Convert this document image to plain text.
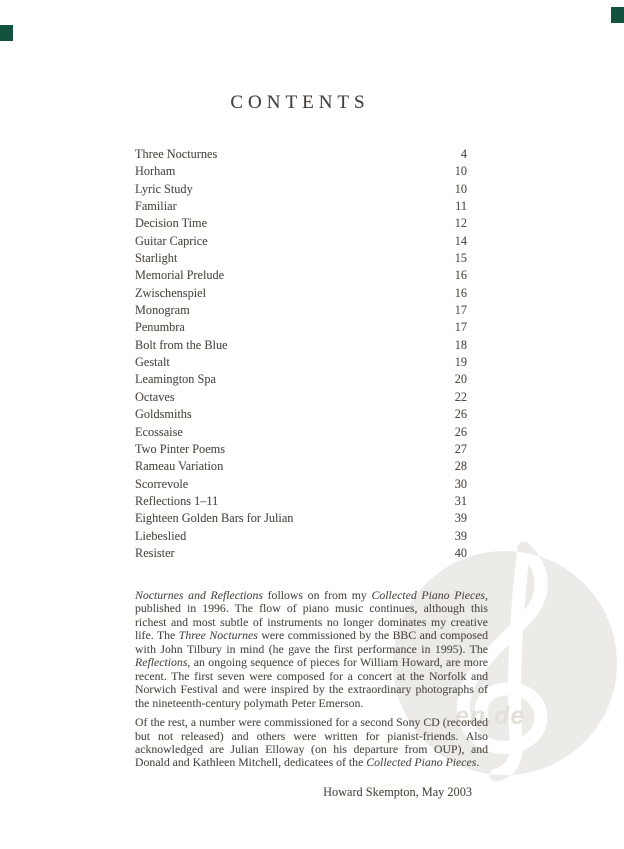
en.de
CONTENTS
Three Nocturnes	4
Horham	10
Lyric Study	10
Familiar	11
Decision Time	12
Guitar Caprice	14
Starlight	15
Memorial Prelude	16
Zwischenspiel	16
Monogram	17
Penumbra	17
Bolt from the Blue	18
Gestalt	19
Leamington Spa	20
Octaves	22
Goldsmiths	26
Ecossaise	26
Two Pinter Poems	27
Rameau Variation	28
Scorrevole	30
Reflections 1–11	31
Eighteen Golden Bars for Julian	39
Liebeslied	39
Resister	40

Nocturnes and Reflections follows on from my Collected Piano Pieces, published in 1996. The flow of piano music continues, although this richest and most subtle of instruments no longer dominates my creative life. The Three Nocturnes were commissioned by the BBC and composed with John Tilbury in mind (he gave the first performance in 1995). The Reflections, an ongoing sequence of pieces for William Howard, are more recent. The first seven were composed for a concert at the Norfolk and Norwich Festival and were inspired by the extraordinary photographs of the nineteenth-century polymath Peter Emerson.

Of the rest, a number were commissioned for a second Sony CD (recorded but not released) and others were written for pianist-friends. Also acknowledged are Julian Elloway (on his departure from OUP), and Donald and Kathleen Mitchell, dedicatees of the Collected Piano Pieces.

Howard Skempton, May 2003
